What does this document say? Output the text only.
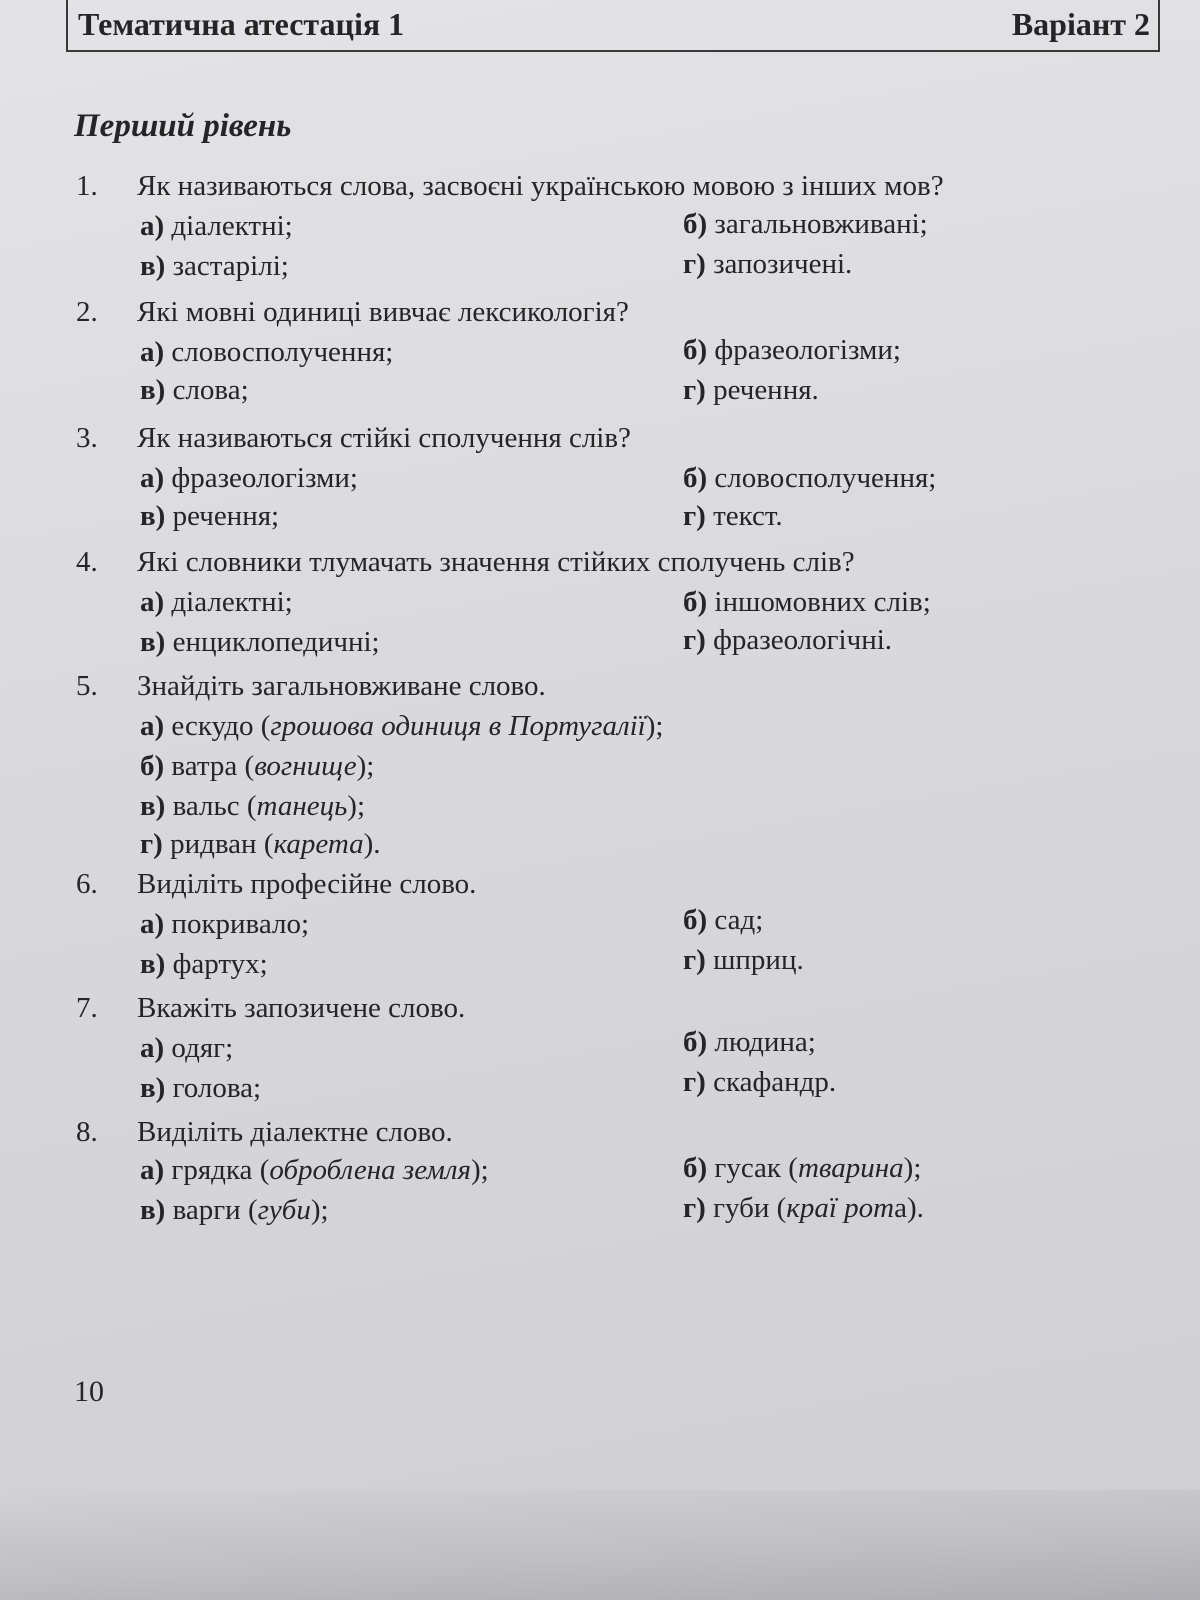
Тематична атестація 1	Варіант 2
Перший рівень
1. Як називаються слова, засвоєні українською мовою з інших мов?
а) діалектні;	б) загальновживані;
в) застарілі;	г) запозичені.
2. Які мовні одиниці вивчає лексикологія?
а) словосполучення;	б) фразеологізми;
в) слова;	г) речення.
3. Як називаються стійкі сполучення слів?
а) фразеологізми;	б) словосполучення;
в) речення;	г) текст.
4. Які словники тлумачать значення стійких сполучень слів?
а) діалектні;	б) іншомовних слів;
в) енциклопедичні;	г) фразеологічні.
5. Знайдіть загальновживане слово.
а) ескудо (грошова одиниця в Португалії);
б) ватра (вогнище);
в) вальс (танець);
г) ридван (карета).
6. Виділіть професійне слово.
а) покривало;	б) сад;
в) фартух;	г) шприц.
7. Вкажіть запозичене слово.
а) одяг;	б) людина;
в) голова;	г) скафандр.
8. Виділіть діалектне слово.
а) грядка (оброблена земля);	б) гусак (тварина);
в) варги (губи);	г) губи (краї рота).
10
